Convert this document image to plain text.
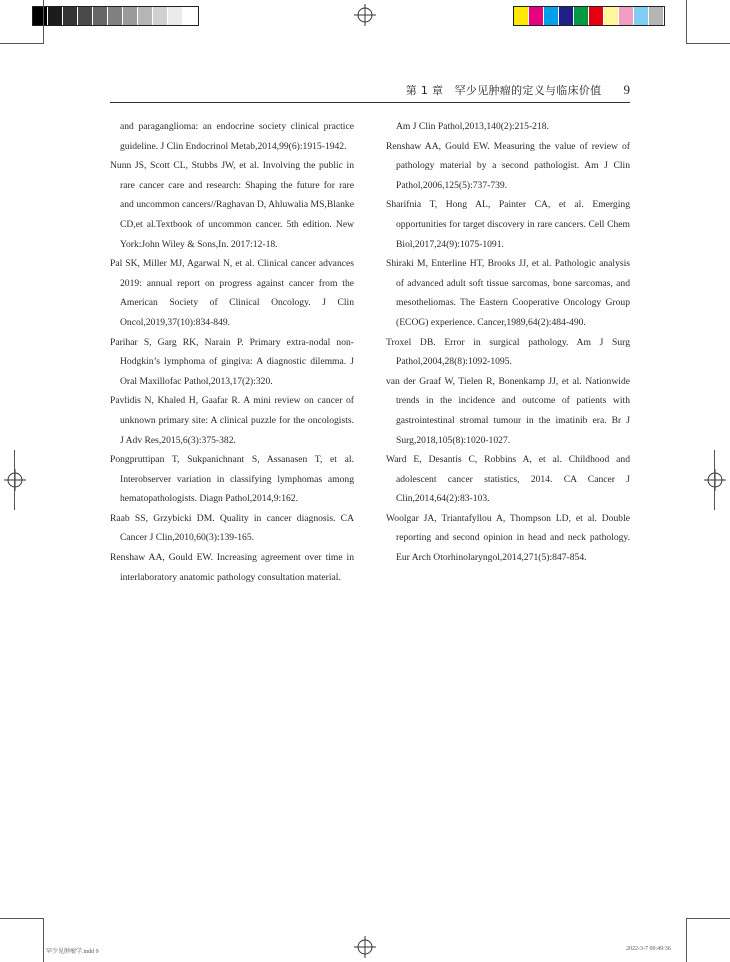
第 1 章　罕少见肿瘤的定义与临床价值 9

and paraganglioma: an endocrine society clinical practice guideline. J Clin Endocrinol Metab,2014,99(6):1915-1942.

Nunn JS, Scott CL, Stubbs JW, et al. Involving the public in rare cancer care and research: Shaping the future for rare and uncommon cancers//Raghavan D, Ahluwalia MS,Blanke CD,et al.Textbook of uncommon cancer. 5th edition. New York:John Wiley & Sons,In. 2017:12-18.

Pal SK, Miller MJ, Agarwal N, et al. Clinical cancer advances 2019: annual report on progress against cancer from the American Society of Clinical Oncology. J Clin Oncol,2019,37(10):834-849.

Parihar S, Garg RK, Narain P. Primary extra-nodal non-Hodgkin’s lymphoma of gingiva: A diagnostic dilemma. J Oral Maxillofac Pathol,2013,17(2):320.

Pavlidis N, Khaled H, Gaafar R. A mini review on cancer of unknown primary site: A clinical puzzle for the oncologists. J Adv Res,2015,6(3):375-382.

Pongpruttipan T, Sukpanichnant S, Assanasen T, et al. Interobserver variation in classifying lymphomas among hematopathologists. Diagn Pathol,2014,9:162.

Raab SS, Grzybicki DM. Quality in cancer diagnosis. CA Cancer J Clin,2010,60(3):139-165.

Renshaw AA, Gould EW. Increasing agreement over time in interlaboratory anatomic pathology consultation material.

Am J Clin Pathol,2013,140(2):215-218.

Renshaw AA, Gould EW. Measuring the value of review of pathology material by a second pathologist. Am J Clin Pathol,2006,125(5):737-739.

Sharifnia T, Hong AL, Painter CA, et al. Emerging opportunities for target discovery in rare cancers. Cell Chem Biol,2017,24(9):1075-1091.

Shiraki M, Enterline HT, Brooks JJ, et al. Pathologic analysis of advanced adult soft tissue sarcomas, bone sarcomas, and mesotheliomas. The Eastern Cooperative Oncology Group (ECOG) experience. Cancer,1989,64(2):484-490.

Troxel DB. Error in surgical pathology. Am J Surg Pathol,2004,28(8):1092-1095.

van der Graaf W, Tielen R, Bonenkamp JJ, et al. Nationwide trends in the incidence and outcome of patients with gastrointestinal stromal tumour in the imatinib era. Br J Surg,2018,105(8):1020-1027.

Ward E, Desantis C, Robbins A, et al. Childhood and adolescent cancer statistics, 2014. CA Cancer J Clin,2014,64(2):83-103.

Woolgar JA, Triantafyllou A, Thompson LD, et al. Double reporting and second opinion in head and neck pathology. Eur Arch Otorhinolaryngol,2014,271(5):847-854.

罕少见肿瘤学.indd 9	2022-3-7 09:49:36
